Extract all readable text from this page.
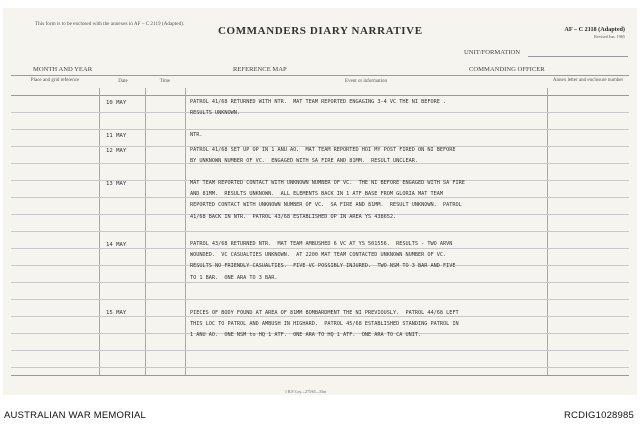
This form is to be enclosed with the annexes in AF – C 2119 (Adapted).
COMMANDERS DIARY NARRATIVE	AF – C 2118 (Adapted)
Revised Jun. 1965
UNIT/FORMATION
MONTH AND YEAR	REFERENCE MAP	COMMANDING OFFICER
Place and grid reference	Date	Time	Event or information	Annex letter and enclosure number
10 MAY	PATROL 41/68 RETURNED WITH NTR.  MAT TEAM REPORTED ENGAGING 3-4 VC THE NI BEFORE .
RESULTS UNKNOWN.
11 MAY	NTR.
12 MAY	PATROL 41/68 SET UP OP IN 1 ANU AO.  MAT TEAM REPORTED HOI MY POST FIRED ON NI BEFORE
BY UNKNOWN NUMBER OF VC.  ENGAGED WITH SA FIRE AND 81MM.  RESULT UNCLEAR.
13 MAY	MAT TEAM REPORTED CONTACT WITH UNKNOWN NUMBER OF VC.  THE NI BEFORE ENGAGED WITH SA FIRE
AND 81MM.  RESULTS UNKNOWN.  ALL ELEMENTS BACK IN 1 ATF BASE FROM GLORIA MAT TEAM
REPORTED CONTACT WITH UNKNOWN NUMBER OF VC.  SA FIRE AND 81MM.  RESULT UNKNOWN.  PATROL
41/68 BACK IN NTR.  PATROL 43/68 ESTABLISHED OP IN AREA YS 438652.
14 MAY	PATROL 43/68 RETURNED NTR.  MAT TEAM AMBUSHED 6 VC AT YS 501556.  RESULTS - TWO ARVN
WOUNDED.  VC CASUALTIES UNKNOWN.  AT 2200 MAT TEAM CONTACTED UNKNOWN NUMBER OF VC.
RESULTS NO FRIENDLY CASUALTIES.  FIVE VC POSSIBLY INJURED.  TWO NSM TO 3 BAR AND FIVE
TO 1 BAR.  ONE ARA TO 3 BAR.
15 MAY	PIECES OF BODY FOUND AT AREA OF 81MM BOMBARDMENT THE NI PREVIOUSLY.  PATROL 44/68 LEFT
THIS LOC TO PATROL AND AMBUSH IN HIGHARD.  PATROL 45/68 ESTABLISHED STANDING PATROL IN
1 ANU AO.  ONE NSM to HQ 1 ATF.  ONE ARA TO HQ 1 ATF.  ONE ARA TO CA UNIT.
1 B.P. Coy—275/65—55m
AUSTRALIAN WAR MEMORIAL	RCDIG1028985
